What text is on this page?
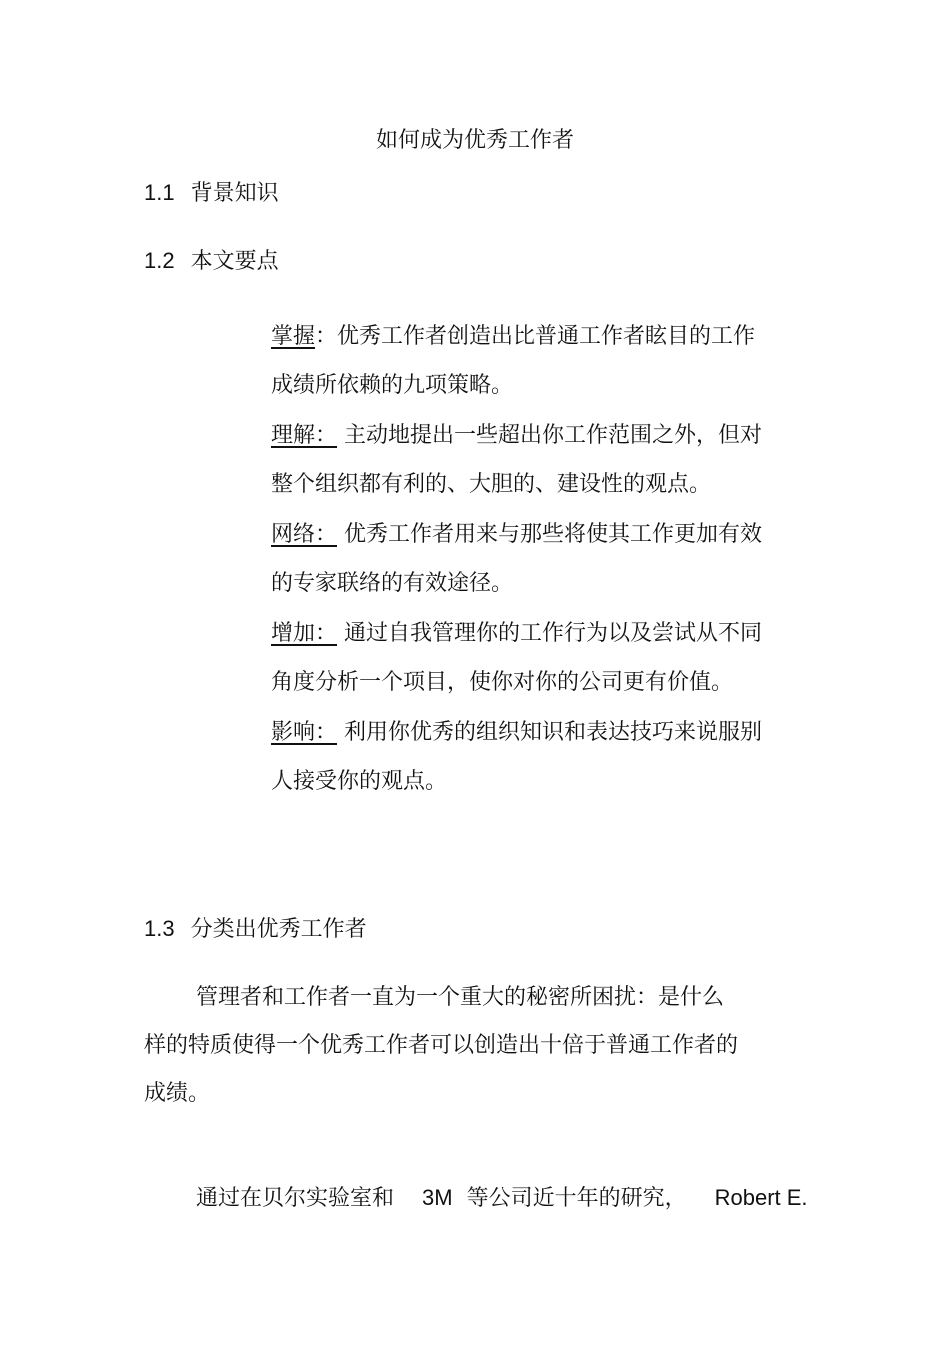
如何成为优秀工作者
1.1 背景知识
1.2 本文要点
掌握：优秀工作者创造出比普通工作者眩目的工作成绩所依赖的九项策略。
理解： 主动地提出一些超出你工作范围之外，但对整个组织都有利的、大胆的、建设性的观点。
网络： 优秀工作者用来与那些将使其工作更加有效的专家联络的有效途径。
增加： 通过自我管理你的工作行为以及尝试从不同角度分析一个项目，使你对你的公司更有价值。
影响： 利用你优秀的组织知识和表达技巧来说服别人接受你的观点。
1.3 分类出优秀工作者
管理者和工作者一直为一个重大的秘密所困扰：是什么样的特质使得一个优秀工作者可以创造出十倍于普通工作者的成绩。
通过在贝尔实验室和 3M 等公司近十年的研究， Robert E.
